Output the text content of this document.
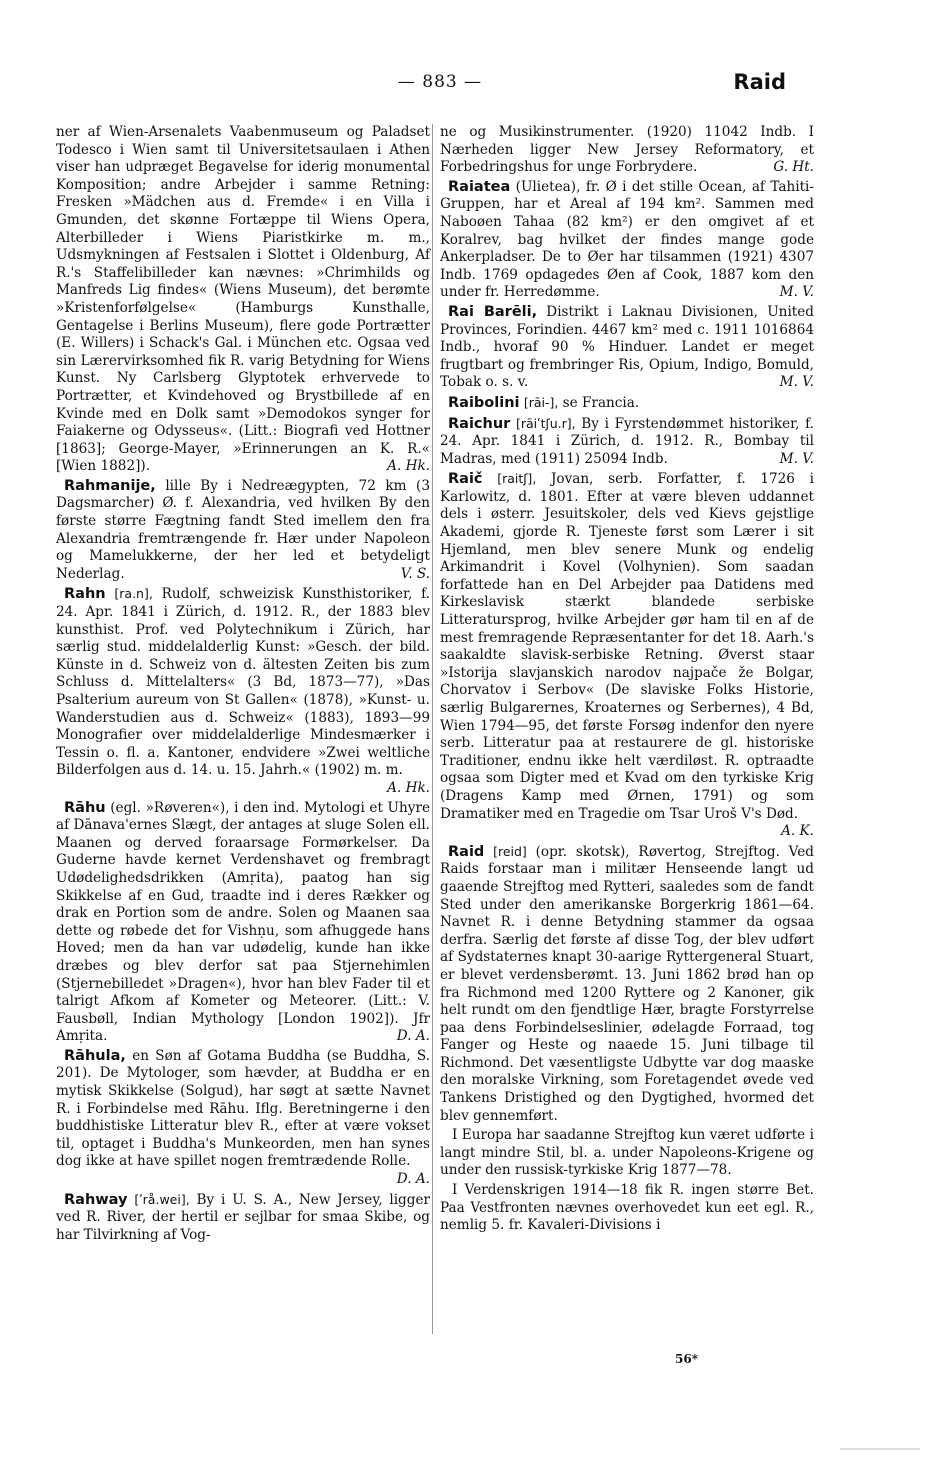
— 883 —	Raid

ner af Wien-Arsenalets Vaabenmuseum og Paladset Todesco i Wien samt til Universitetsaulaen i Athen viser han udpræget Begavelse for iderig monumental Komposition; andre Arbejder i samme Retning: Fresken »Mädchen aus d. Fremde« i en Villa i Gmunden, det skønne Fortæppe til Wiens Opera, Alterbilleder i Wiens Piaristkirke m. m., Udsmykningen af Festsalen i Slottet i Oldenburg, Af R.'s Staffelibilleder kan nævnes: »Chrimhilds og Manfreds Lig findes« (Wiens Museum), det berømte »Kristenforfølgelse« (Hamburgs Kunsthalle, Gentagelse i Berlins Museum), flere gode Portrætter (E. Willers) i Schack's Gal. i München etc. Ogsaa ved sin Lærervirksomhed fik R. varig Betydning for Wiens Kunst. Ny Carlsberg Glyptotek erhvervede to Portrætter, et Kvindehoved og Brystbillede af en Kvinde med en Dolk samt »Demodokos synger for Faiakerne og Odysseus«. (Litt.: Biografi ved Hottner [1863]; George-Mayer, »Erinnerungen an K. R.« [Wien 1882]).	A. Hk.

Rahmanije, lille By i Nedreægypten, 72 km (3 Dagsmarcher) Ø. f. Alexandria, ved hvilken By den første større Fægtning fandt Sted imellem den fra Alexandria fremtrængende fr. Hær under Napoleon og Mamelukkerne, der her led et betydeligt Nederlag.	V. S.

Rahn [ra.n], Rudolf, schweizisk Kunsthistoriker, f. 24. Apr. 1841 i Zürich, d. 1912. R., der 1883 blev kunsthist. Prof. ved Polytechnikum i Zürich, har særlig stud. middelalderlig Kunst: »Gesch. der bild. Künste in d. Schweiz von d. ältesten Zeiten bis zum Schluss d. Mittelalters« (3 Bd, 1873—77), »Das Psalterium aureum von St Gallen« (1878), »Kunst- u. Wanderstudien aus d. Schweiz« (1883), 1893—99 Monografier over middelalderlige Mindesmærker i Tessin o. fl. a. Kantoner, endvidere »Zwei weltliche Bilderfolgen aus d. 14. u. 15. Jahrh.« (1902) m. m.
A. Hk.

Rāhu (egl. »Røveren«), i den ind. Mytologi et Uhyre af Dānava'ernes Slægt, der antages at sluge Solen ell. Maanen og derved foraarsage Formørkelser. Da Guderne havde kernet Verdenshavet og frembragt Udødelighedsdrikken (Amṛita), paatog han sig Skikkelse af en Gud, traadte ind i deres Rækker og drak en Portion som de andre. Solen og Maanen saa dette og røbede det for Vishṇu, som afhuggede hans Hoved; men da han var udødelig, kunde han ikke dræbes og blev derfor sat paa Stjernehimlen (Stjernebilledet »Dragen«), hvor han blev Fader til et talrigt Afkom af Kometer og Meteorer. (Litt.: V. Fausbøll, Indian Mythology [London 1902]). Jfr Amṛita.	D. A.

Rāhula, en Søn af Gotama Buddha (se Buddha, S. 201). De Mytologer, som hævder, at Buddha er en mytisk Skikkelse (Solgud), har søgt at sætte Navnet R. i Forbindelse med Rāhu. Iflg. Beretningerne i den buddhistiske Litteratur blev R., efter at være vokset til, optaget i Buddha's Munkeorden, men han synes dog ikke at have spillet nogen fremtrædende Rolle.
D. A.

Rahway [ʹrå.wei], By i U. S. A., New Jersey, ligger ved R. River, der hertil er sejlbar for smaa Skibe, og har Tilvirkning af Vog-

ne og Musikinstrumenter. (1920) 11042 Indb. I Nærheden ligger New Jersey Reformatory, et Forbedringshus for unge Forbrydere.	G. Ht.

Raiatea (Ulietea), fr. Ø i det stille Ocean, af Tahiti-Gruppen, har et Areal af 194 km². Sammen med Naboøen Tahaa (82 km²) er den omgivet af et Koralrev, bag hvilket der findes mange gode Ankerpladser. De to Øer har tilsammen (1921) 4307 Indb. 1769 opdagedes Øen af Cook, 1887 kom den under fr. Herredømme.	M. V.

Rai Barēli, Distrikt i Laknau Divisionen, United Provinces, Forindien. 4467 km² med c. 1911 1016864 Indb., hvoraf 90 % Hinduer. Landet er meget frugtbart og frembringer Ris, Opium, Indigo, Bomuld, Tobak o. s. v.	M. V.

Raibolini [rāi-], se Francia.

Raichur [rāiʹtʃu.r], By i Fyrstendømmet historiker, f. 24. Apr. 1841 i Zürich, d. 1912. R., Bombay til Madras, med (1911) 25094 Indb.	M. V.

Raič [raitʃ], Jovan, serb. Forfatter, f. 1726 i Karlowitz, d. 1801. Efter at være bleven uddannet dels i østerr. Jesuitskoler, dels ved Kievs gejstlige Akademi, gjorde R. Tjeneste først som Lærer i sit Hjemland, men blev senere Munk og endelig Arkimandrit i Kovel (Volhynien). Som saadan forfattede han en Del Arbejder paa Datidens med Kirkeslavisk stærkt blandede serbiske Litteratursprog, hvilke Arbejder gør ham til en af de mest fremragende Repræsentanter for det 18. Aarh.'s saakaldte slavisk-serbiske Retning. Øverst staar »Istorija slavjanskich narodov najpače že Bolgar, Chorvatov i Serbov« (De slaviske Folks Historie, særlig Bulgarernes, Kroaternes og Serbernes), 4 Bd, Wien 1794—95, det første Forsøg indenfor den nyere serb. Litteratur paa at restaurere de gl. historiske Traditioner, endnu ikke helt værdiløst. R. optraadte ogsaa som Digter med et Kvad om den tyrkiske Krig (Dragens Kamp med Ørnen, 1791) og som Dramatiker med en Tragedie om Tsar Uroš V's Død.
A. K.

Raid [reid] (opr. skotsk), Røvertog, Strejftog. Ved Raids forstaar man i militær Henseende langt ud gaaende Strejftog med Rytteri, saaledes som de fandt Sted under den amerikanske Borgerkrig 1861—64. Navnet R. i denne Betydning stammer da ogsaa derfra. Særlig det første af disse Tog, der blev udført af Sydstaternes knapt 30-aarige Ryttergeneral Stuart, er blevet verdensberømt. 13. Juni 1862 brød han op fra Richmond med 1200 Ryttere og 2 Kanoner, gik helt rundt om den fjendtlige Hær, bragte Forstyrrelse paa dens Forbindelseslinier, ødelagde Forraad, tog Fanger og Heste og naaede 15. Juni tilbage til Richmond. Det væsentligste Udbytte var dog maaske den moralske Virkning, som Foretagendet øvede ved Tankens Dristighed og den Dygtighed, hvormed det blev gennemført.

I Europa har saadanne Strejftog kun været udførte i langt mindre Stil, bl. a. under Napoleons-Krigene og under den russisk-tyrkiske Krig 1877—78.

I Verdenskrigen 1914—18 fik R. ingen større Bet. Paa Vestfronten nævnes overhovedet kun eet egl. R., nemlig 5. fr. Kavaleri-Divisions i

56*
